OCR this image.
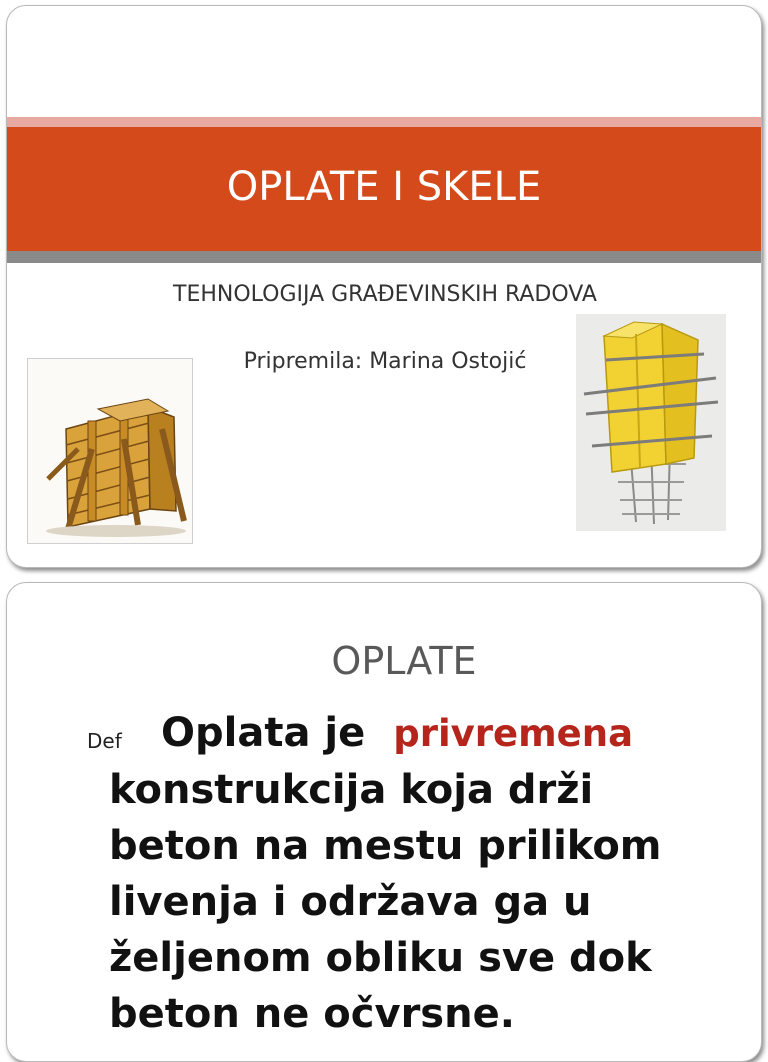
OPLATE I SKELE
TEHNOLOGIJA GRAĐEVINSKIH RADOVA
Pripremila: Marina Ostojić
OPLATE
Def Oplata je privremena
konstrukcija koja drži
beton na mestu prilikom
livenja i održava ga u
željenom obliku sve dok
beton ne očvrsne.
